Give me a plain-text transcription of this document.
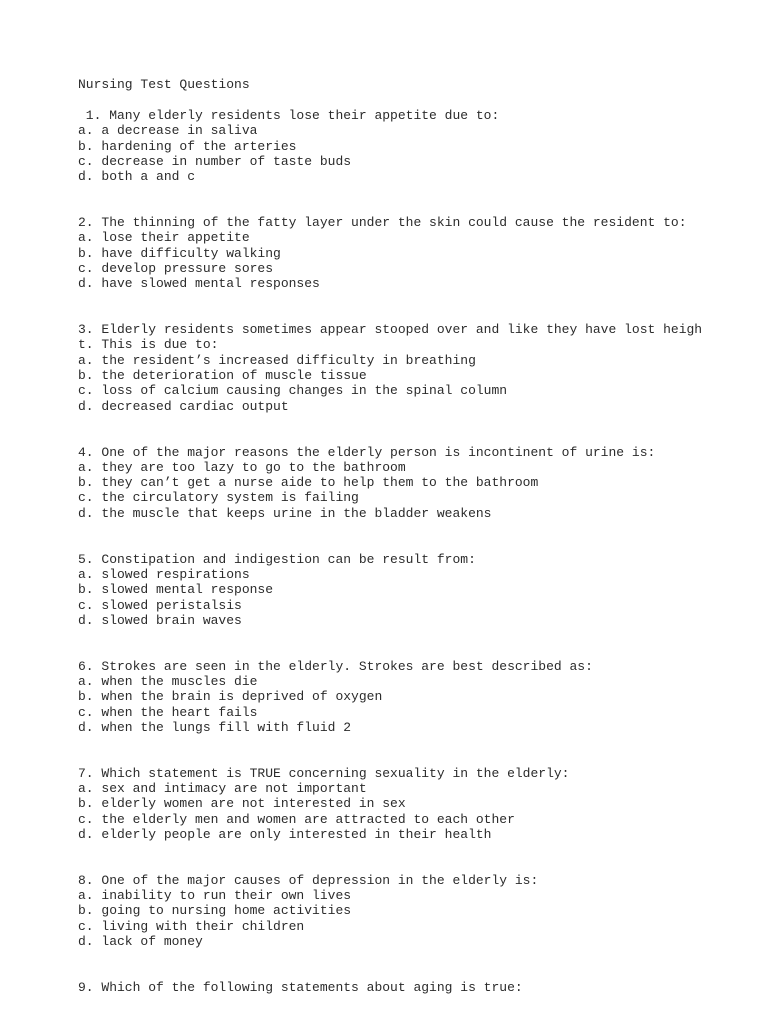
Nursing Test Questions
1. Many elderly residents lose their appetite due to:
a. a decrease in saliva
b. hardening of the arteries
c. decrease in number of taste buds
d. both a and c
2. The thinning of the fatty layer under the skin could cause the resident to:
a. lose their appetite
b. have difficulty walking
c. develop pressure sores
d. have slowed mental responses
3. Elderly residents sometimes appear stooped over and like they have lost heigh
t. This is due to:
a. the resident’s increased difficulty in breathing
b. the deterioration of muscle tissue
c. loss of calcium causing changes in the spinal column
d. decreased cardiac output
4. One of the major reasons the elderly person is incontinent of urine is:
a. they are too lazy to go to the bathroom
b. they can’t get a nurse aide to help them to the bathroom
c. the circulatory system is failing
d. the muscle that keeps urine in the bladder weakens
5. Constipation and indigestion can be result from:
a. slowed respirations
b. slowed mental response
c. slowed peristalsis
d. slowed brain waves
6. Strokes are seen in the elderly. Strokes are best described as:
a. when the muscles die
b. when the brain is deprived of oxygen
c. when the heart fails
d. when the lungs fill with fluid 2
7. Which statement is TRUE concerning sexuality in the elderly:
a. sex and intimacy are not important
b. elderly women are not interested in sex
c. the elderly men and women are attracted to each other
d. elderly people are only interested in their health
8. One of the major causes of depression in the elderly is:
a. inability to run their own lives
b. going to nursing home activities
c. living with their children
d. lack of money
9. Which of the following statements about aging is true:
